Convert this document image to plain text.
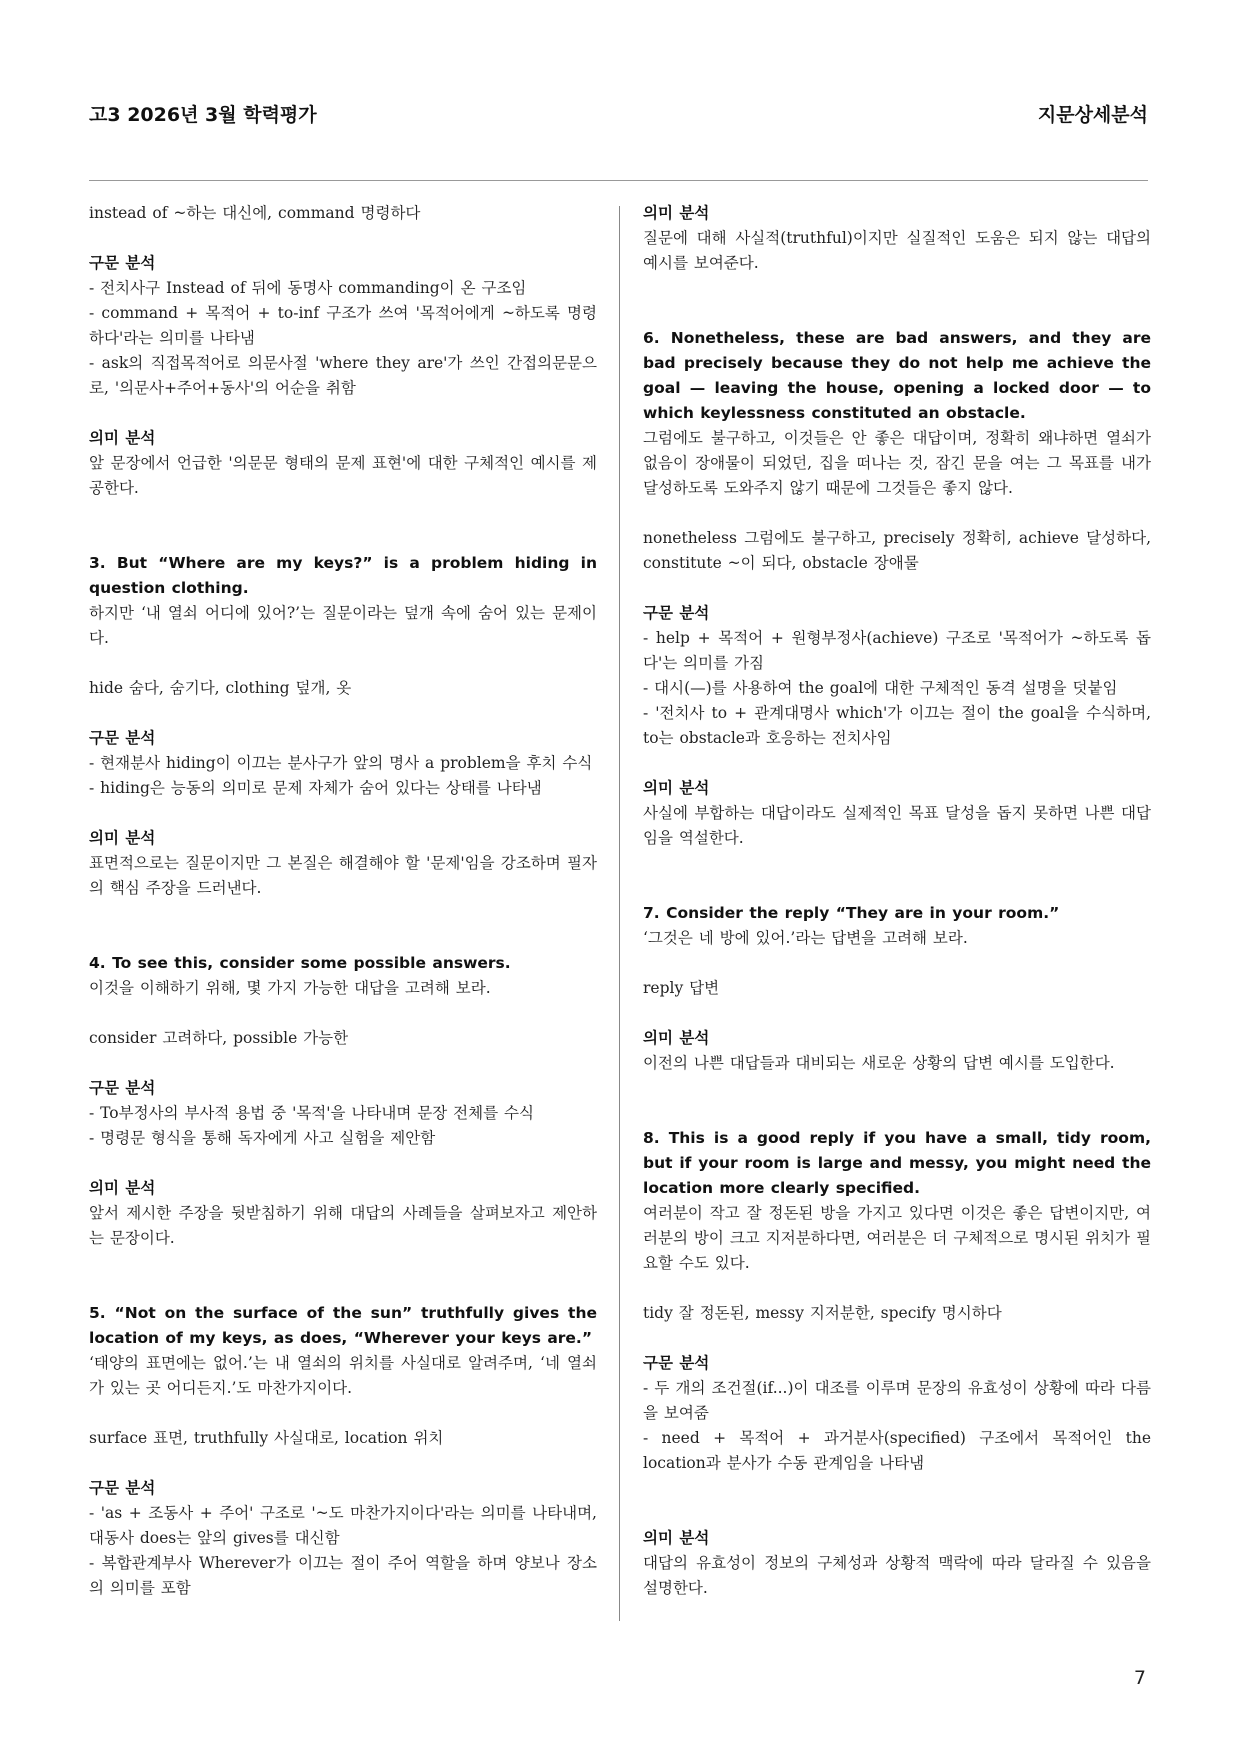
고3 2026년 3월 학력평가	지문상세분석

instead of ~하는 대신에, command 명령하다

구문 분석

- 전치사구 Instead of 뒤에 동명사 commanding이 온 구조임

- command + 목적어 + to-inf 구조가 쓰여 '목적어에게 ~하도록 명령하다'라는 의미를 나타냄

- ask의 직접목적어로 의문사절 'where they are'가 쓰인 간접의문문으로, '의문사+주어+동사'의 어순을 취함

의미 분석

앞 문장에서 언급한 '의문문 형태의 문제 표현'에 대한 구체적인 예시를 제공한다.

3. But “Where are my keys?” is a problem hiding in question clothing.

하지만 ‘내 열쇠 어디에 있어?’는 질문이라는 덮개 속에 숨어 있는 문제이다.

hide 숨다, 숨기다, clothing 덮개, 옷

구문 분석

- 현재분사 hiding이 이끄는 분사구가 앞의 명사 a problem을 후치 수식

- hiding은 능동의 의미로 문제 자체가 숨어 있다는 상태를 나타냄

의미 분석

표면적으로는 질문이지만 그 본질은 해결해야 할 '문제'임을 강조하며 필자의 핵심 주장을 드러낸다.

4. To see this, consider some possible answers.

이것을 이해하기 위해, 몇 가지 가능한 대답을 고려해 보라.

consider 고려하다, possible 가능한

구문 분석

- To부정사의 부사적 용법 중 '목적'을 나타내며 문장 전체를 수식

- 명령문 형식을 통해 독자에게 사고 실험을 제안함

의미 분석

앞서 제시한 주장을 뒷받침하기 위해 대답의 사례들을 살펴보자고 제안하는 문장이다.

5. “Not on the surface of the sun” truthfully gives the location of my keys, as does, “Wherever your keys are.”

‘태양의 표면에는 없어.’는 내 열쇠의 위치를 사실대로 알려주며, ‘네 열쇠가 있는 곳 어디든지.’도 마찬가지이다.

surface 표면, truthfully 사실대로, location 위치

구문 분석

- 'as + 조동사 + 주어' 구조로 '~도 마찬가지이다'라는 의미를 나타내며, 대동사 does는 앞의 gives를 대신함

- 복합관계부사 Wherever가 이끄는 절이 주어 역할을 하며 양보나 장소의 의미를 포함

의미 분석

질문에 대해 사실적(truthful)이지만 실질적인 도움은 되지 않는 대답의 예시를 보여준다.

6. Nonetheless, these are bad answers, and they are bad precisely because they do not help me achieve the goal — leaving the house, opening a locked door — to which keylessness constituted an obstacle.

그럼에도 불구하고, 이것들은 안 좋은 대답이며, 정확히 왜냐하면 열쇠가 없음이 장애물이 되었던, 집을 떠나는 것, 잠긴 문을 여는 그 목표를 내가 달성하도록 도와주지 않기 때문에 그것들은 좋지 않다.

nonetheless 그럼에도 불구하고, precisely 정확히, achieve 달성하다, constitute ~이 되다, obstacle 장애물

구문 분석

- help + 목적어 + 원형부정사(achieve) 구조로 '목적어가 ~하도록 돕다'는 의미를 가짐

- 대시(—)를 사용하여 the goal에 대한 구체적인 동격 설명을 덧붙임

- '전치사 to + 관계대명사 which'가 이끄는 절이 the goal을 수식하며, to는 obstacle과 호응하는 전치사임

의미 분석

사실에 부합하는 대답이라도 실제적인 목표 달성을 돕지 못하면 나쁜 대답임을 역설한다.

7. Consider the reply “They are in your room.”

‘그것은 네 방에 있어.’라는 답변을 고려해 보라.

reply 답변

의미 분석

이전의 나쁜 대답들과 대비되는 새로운 상황의 답변 예시를 도입한다.

8. This is a good reply if you have a small, tidy room, but if your room is large and messy, you might need the location more clearly specified.

여러분이 작고 잘 정돈된 방을 가지고 있다면 이것은 좋은 답변이지만, 여러분의 방이 크고 지저분하다면, 여러분은 더 구체적으로 명시된 위치가 필요할 수도 있다.

tidy 잘 정돈된, messy 지저분한, specify 명시하다

구문 분석

- 두 개의 조건절(if...)이 대조를 이루며 문장의 유효성이 상황에 따라 다름을 보여줌

- need + 목적어 + 과거분사(specified) 구조에서 목적어인 the location과 분사가 수동 관계임을 나타냄

의미 분석

대답의 유효성이 정보의 구체성과 상황적 맥락에 따라 달라질 수 있음을 설명한다.

7
